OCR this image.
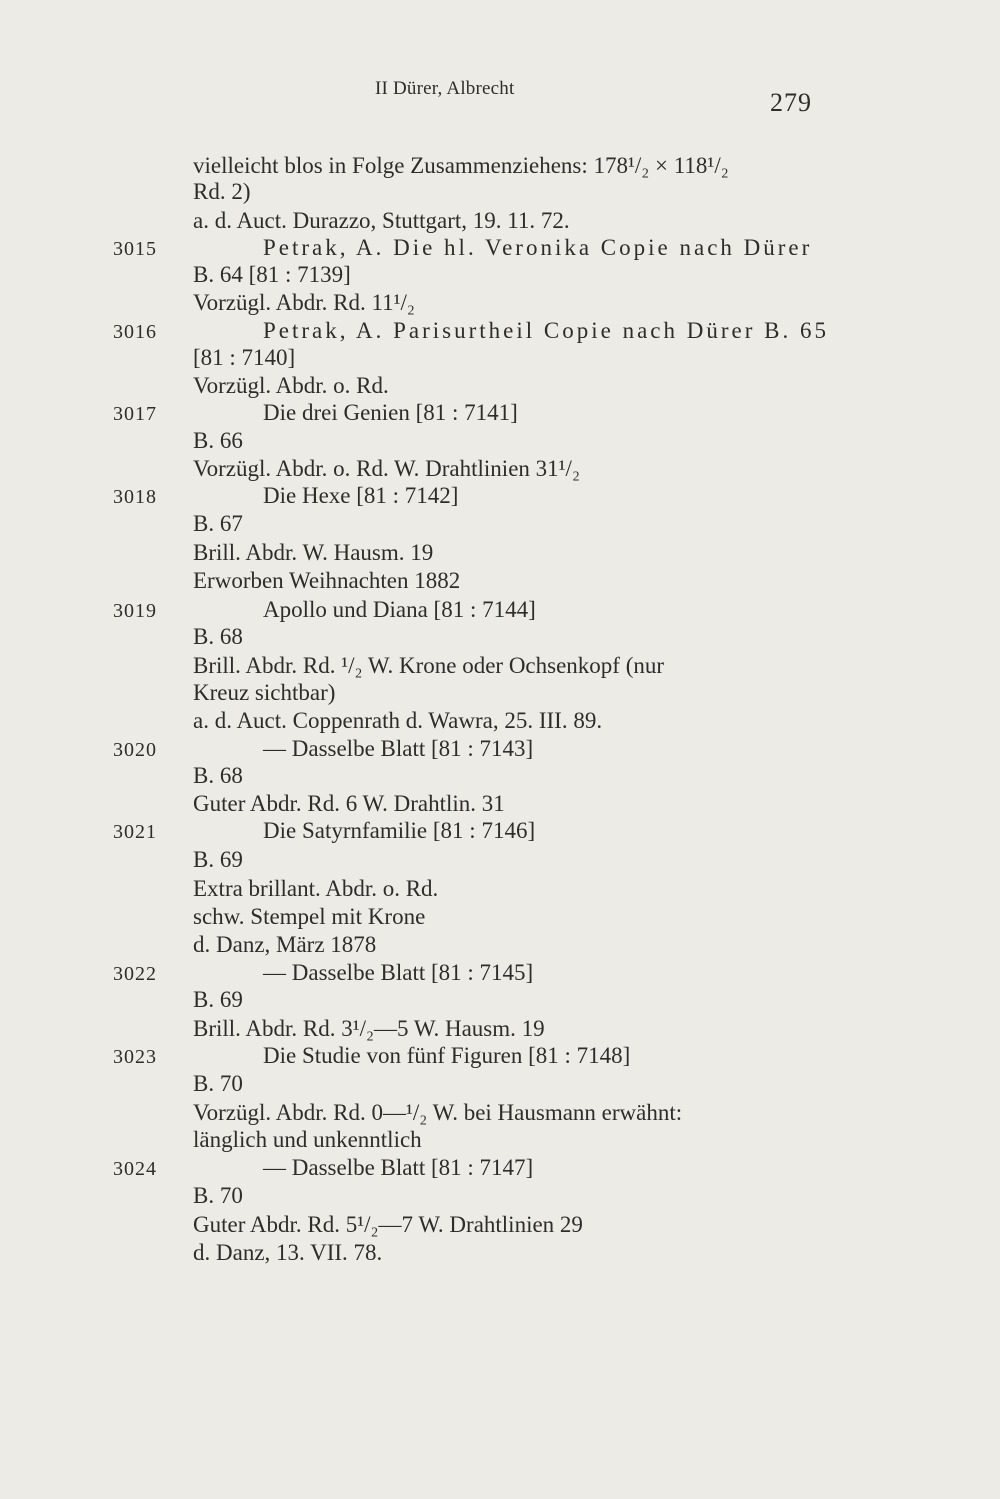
II Dürer, Albrecht	279
3015
3016
3017
3018
3019
3020
3021
3022
3023
3024
vielleicht blos in Folge Zusammenziehens: 178¹/₂ × 118¹/₂
Rd. 2)
a. d. Auct. Durazzo, Stuttgart, 19. 11. 72.
Petrak, A. Die hl. Veronika Copie nach Dürer
B. 64 [81 : 7139]
Vorzügl. Abdr. Rd. 11¹/₂
Petrak, A. Parisurtheil Copie nach Dürer B. 65
[81 : 7140]
Vorzügl. Abdr. o. Rd.
Die drei Genien [81 : 7141]
B. 66
Vorzügl. Abdr. o. Rd. W. Drahtlinien 31¹/₂
Die Hexe [81 : 7142]
B. 67
Brill. Abdr. W. Hausm. 19
Erworben Weihnachten 1882
Apollo und Diana [81 : 7144]
B. 68
Brill. Abdr. Rd. ¹/₂ W. Krone oder Ochsenkopf (nur
Kreuz sichtbar)
a. d. Auct. Coppenrath d. Wawra, 25. III. 89.
— Dasselbe Blatt [81 : 7143]
B. 68
Guter Abdr. Rd. 6 W. Drahtlin. 31
Die Satyrnfamilie [81 : 7146]
B. 69
Extra brillant. Abdr. o. Rd.
schw. Stempel mit Krone
d. Danz, März 1878
— Dasselbe Blatt [81 : 7145]
B. 69
Brill. Abdr. Rd. 3¹/₂—5 W. Hausm. 19
Die Studie von fünf Figuren [81 : 7148]
B. 70
Vorzügl. Abdr. Rd. 0—¹/₂ W. bei Hausmann erwähnt:
länglich und unkenntlich
— Dasselbe Blatt [81 : 7147]
B. 70
Guter Abdr. Rd. 5¹/₂—7 W. Drahtlinien 29
d. Danz, 13. VII. 78.
